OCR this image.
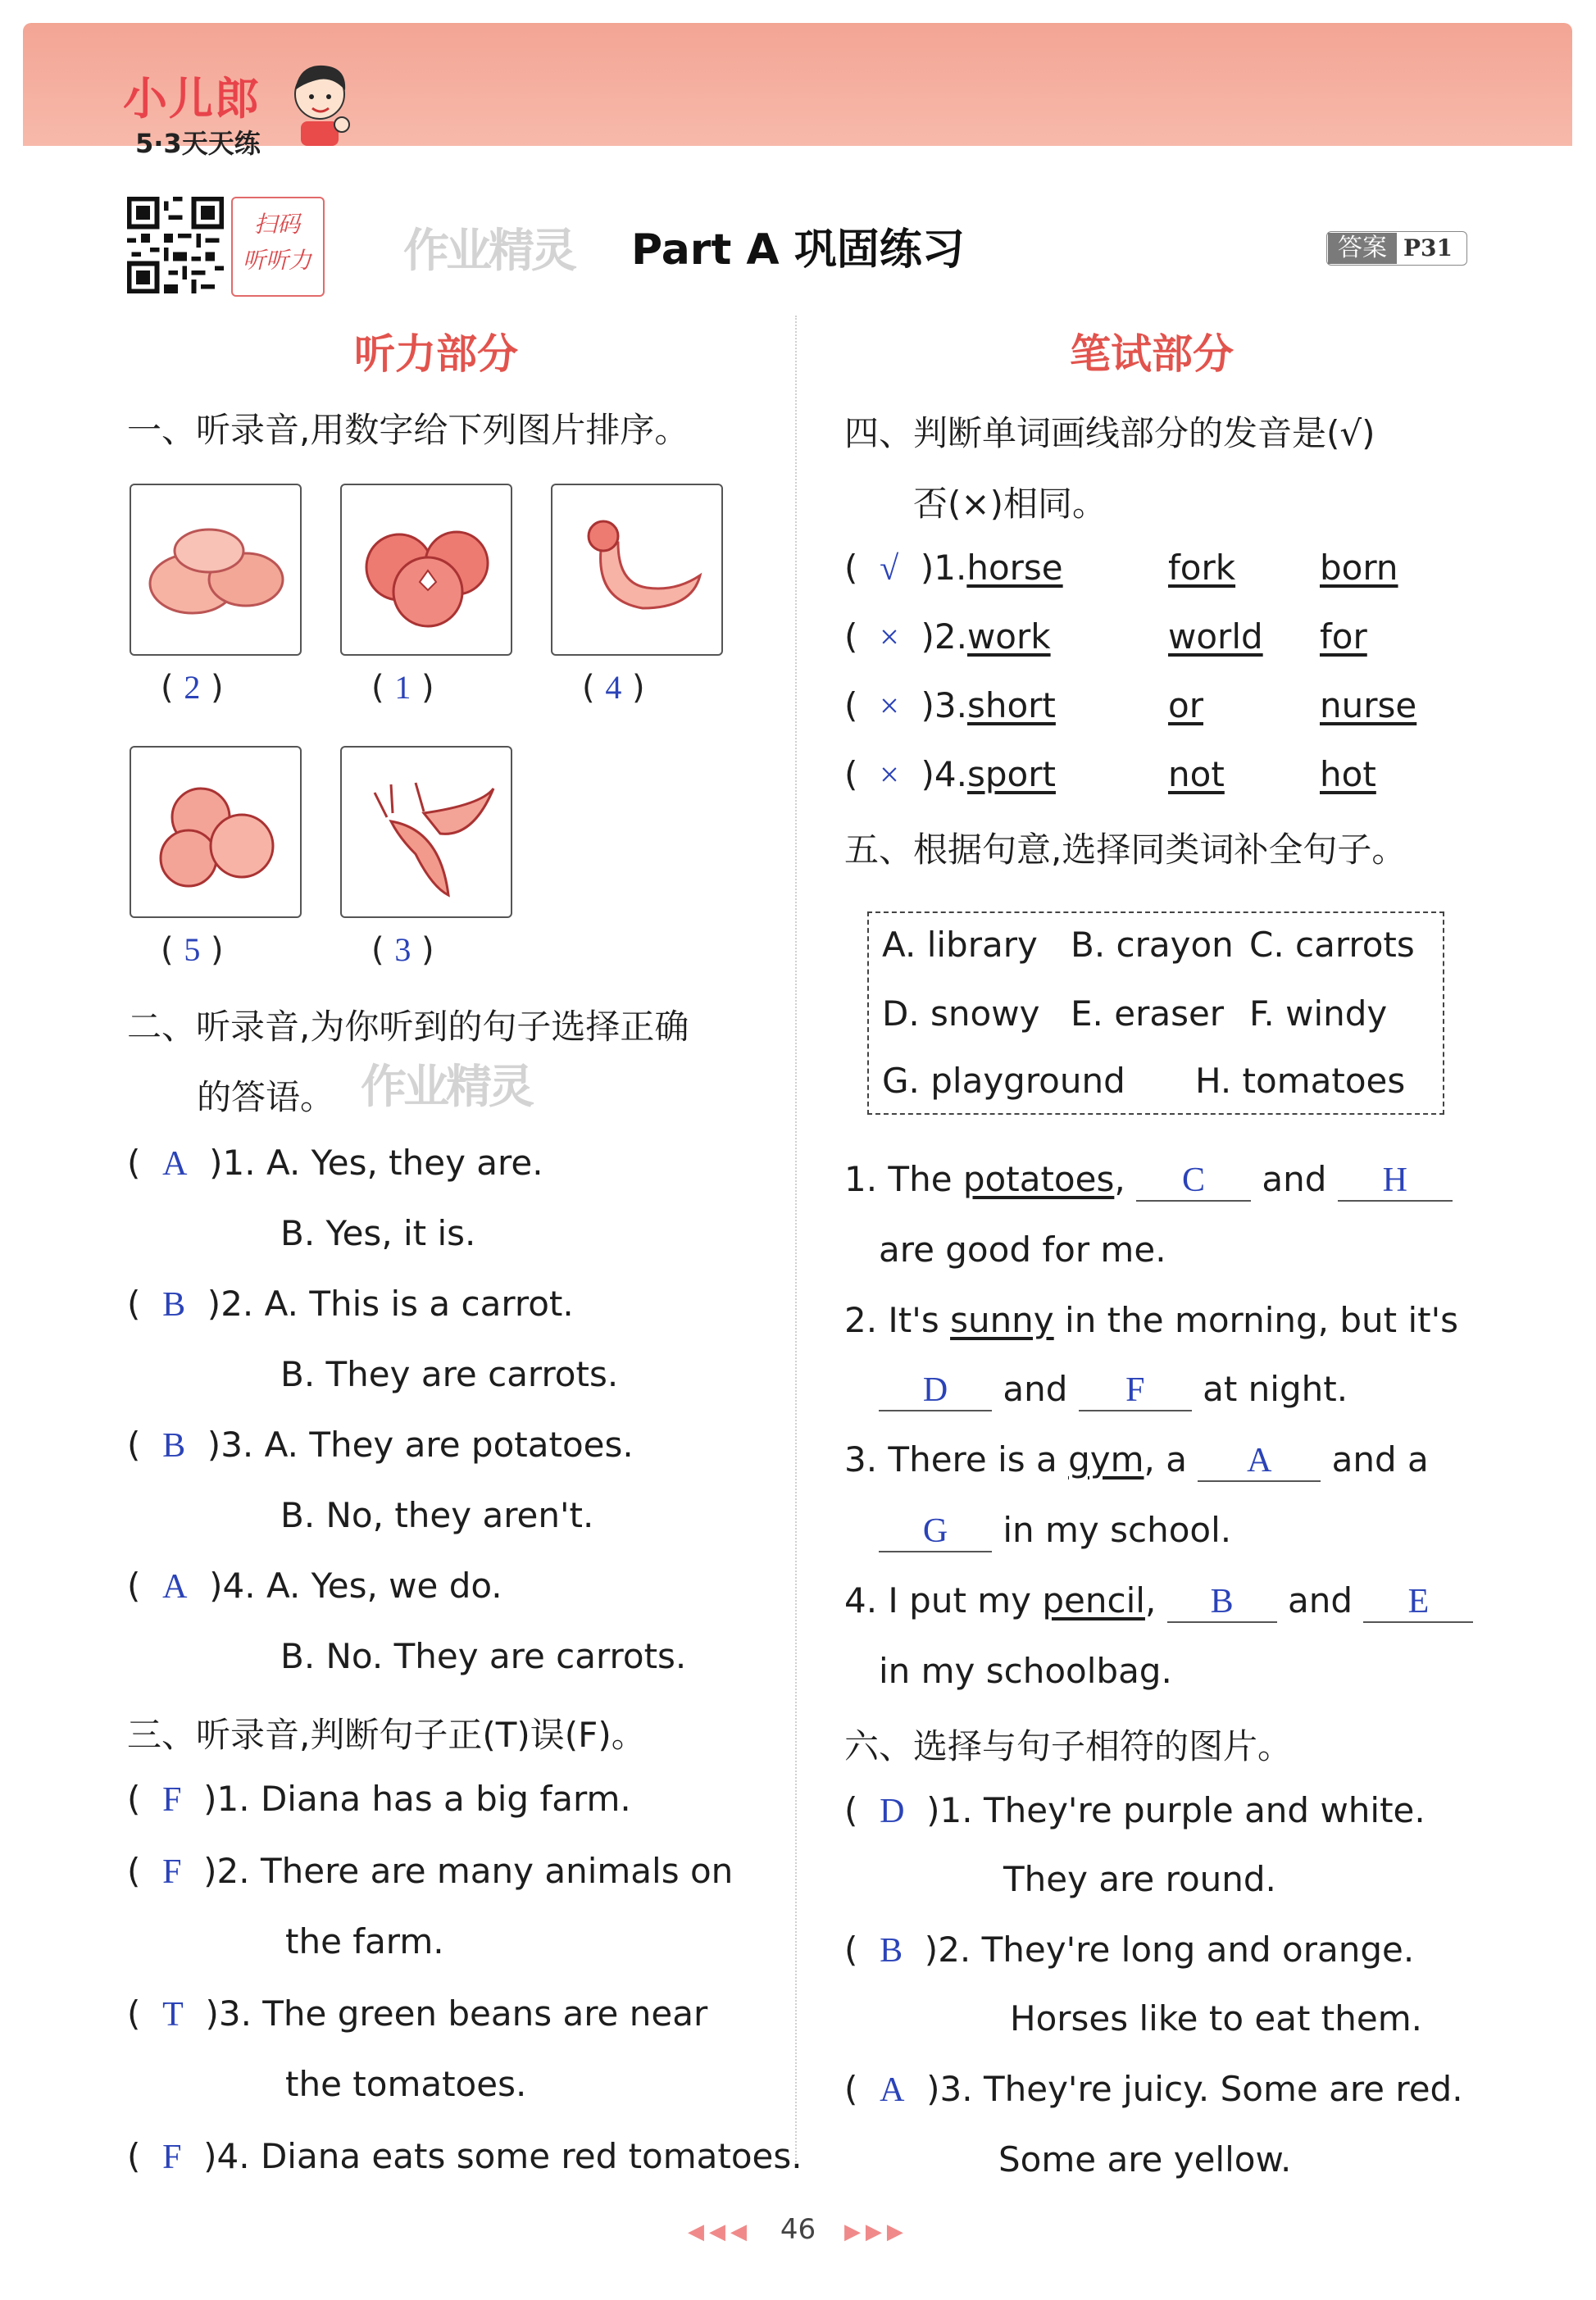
小儿郎
5·3天天练
扫码
听听力 作业精灵 Part A 巩固练习	答案 P31
听力部分
一、听录音,用数字给下列图片排序。
( 2 )	( 1 )	( 4 )
( 5 )	( 3 )
二、听录音,为你听到的句子选择正确
的答语。 作业精灵
(  A  )1. A. Yes, they are.
B. Yes, it is.
(  B  )2. A. This is a carrot.
B. They are carrots.
(  B  )3. A. They are potatoes.
B. No, they aren't.
(  A  )4. A. Yes, we do.
B. No. They are carrots.
三、听录音,判断句子正(T)误(F)。
(  F  )1. Diana has a big farm.
(  F  )2. There are many animals on
the farm.
(  T  )3. The green beans are near
the tomatoes.
(  F  )4. Diana eats some red tomatoes.
笔试部分
四、判断单词画线部分的发音是(√)
否(×)相同。
(  √  )1.horse	fork born
(  ×  )2.work	world for
(  ×  )3.short	or	nurse
(  ×  )4.sport	not	hot
五、根据句意,选择同类词补全句子。
A. library B. crayon C. carrots
D. snowy E. eraser F. windy
G. playground H. tomatoes
1. The potatoes, C and H
are good for me.
2. It's sunny in the morning, but it's
D and F at night.
3. There is a gym, a A and a
G in my school.
4. I put my pencil, B and E
in my schoolbag.
六、选择与句子相符的图片。
(  D  )1. They're purple and white.
They are round.
(  B  )2. They're long and orange.
Horses like to eat them.
(  A  )3. They're juicy. Some are red.
Some are yellow.
◀◀◀ 46 ▶▶▶
